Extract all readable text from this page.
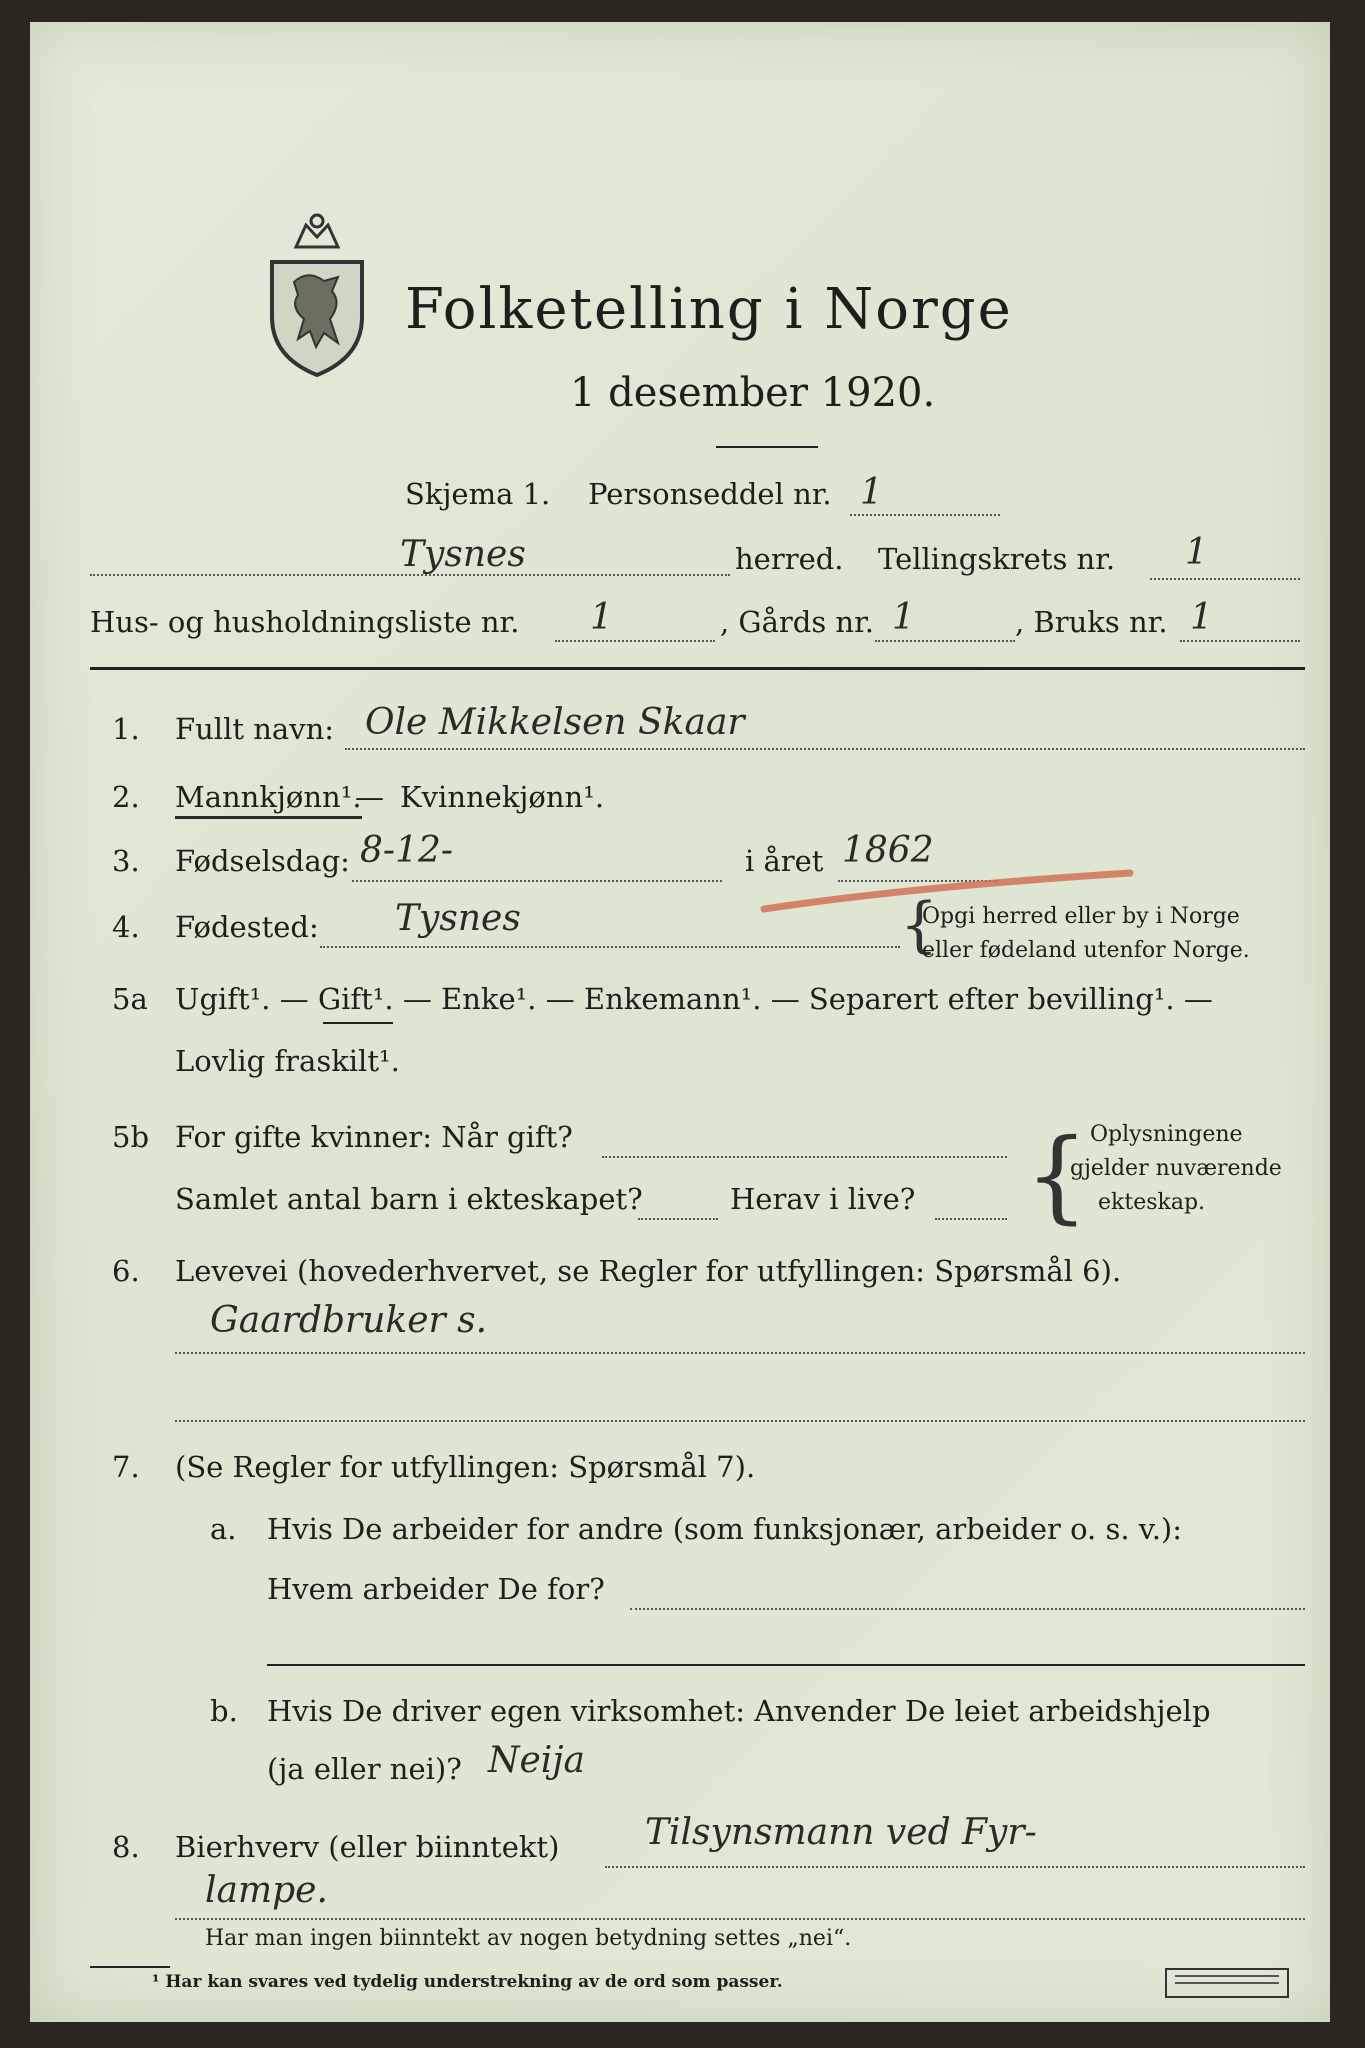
Folketelling i Norge
1 desember 1920.
Skjema 1. Personseddel nr. 1
Tysnes	herred. Tellingskrets nr. 1
Hus- og husholdningsliste nr. 1	, Gårds nr. 1	, Bruks nr. 1
1. Fullt navn: Ole Mikkelsen Skaar
2. Mannkjønn¹.
— Kvinnekjønn¹.
3. Fødselsdag: 8-12-	i året 1862
4. Fødested: Tysnes	{
Opgi herred eller by i Norge
eller fødeland utenfor Norge.
5a Ugift¹. — Gift¹. — Enke¹. — Enkemann¹. — Separert efter bevilling¹. —
Lovlig fraskilt¹.
5b For gifte kvinner: Når gift?
Samlet antal barn i ekteskapet?	Herav i live? { Oplysningene
gjelder nuværende
ekteskap.
6. Levevei (hovederhvervet, se Regler for utfyllingen: Spørsmål 6).
Gaardbruker s.
7. (Se Regler for utfyllingen: Spørsmål 7).
a. Hvis De arbeider for andre (som funksjonær, arbeider o. s. v.):
Hvem arbeider De for?
b. Hvis De driver egen virksomhet: Anvender De leiet arbeidshjelp
(ja eller nei)? Neija
8. Bierhverv (eller biinntekt) Tilsynsmann ved Fyr-
lampe.
Har man ingen biinntekt av nogen betydning settes „nei“.
¹ Har kan svares ved tydelig understrekning av de ord som passer.
